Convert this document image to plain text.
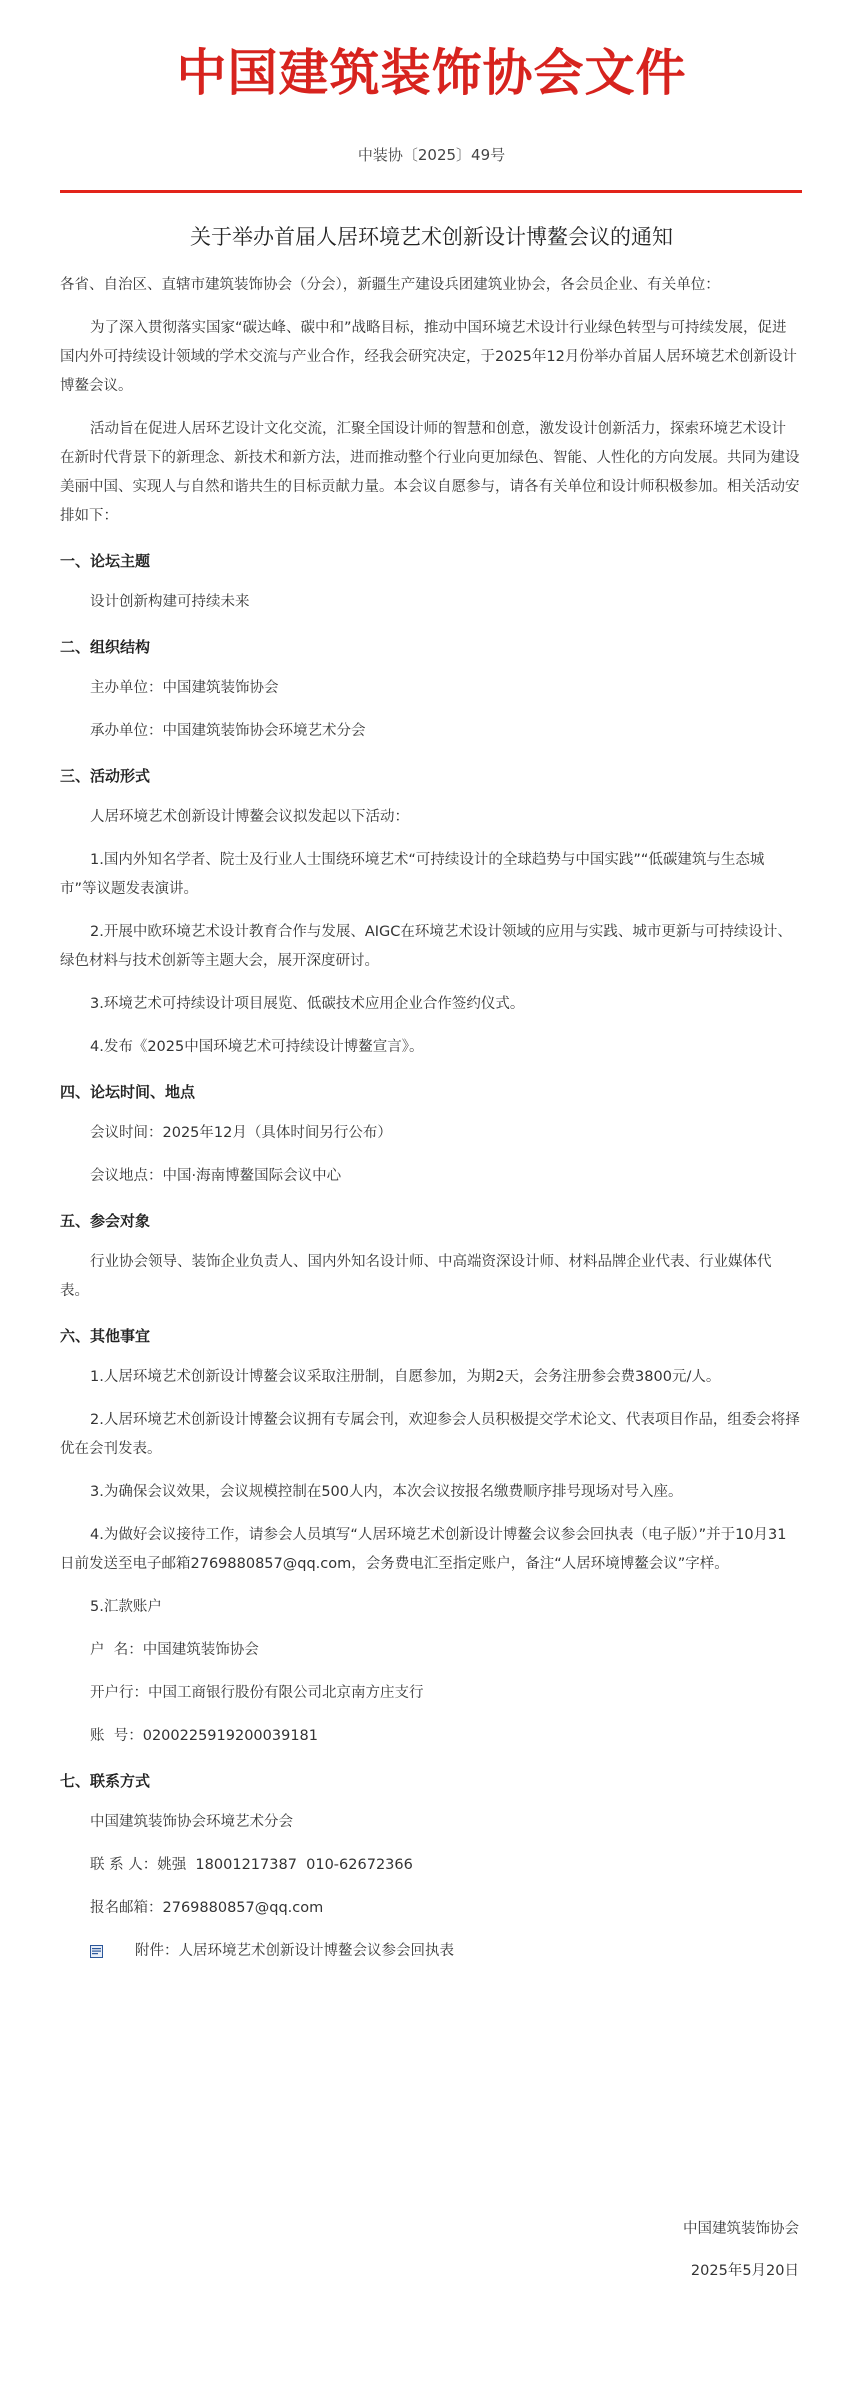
中国建筑装饰协会文件
中装协〔2025〕49号
关于举办首届人居环境艺术创新设计博鳌会议的通知

各省、自治区、直辖市建筑装饰协会（分会），新疆生产建设兵团建筑业协会，各会员企业、有关单位：

为了深入贯彻落实国家“碳达峰、碳中和”战略目标，推动中国环境艺术设计行业绿色转型与可持续发展，促进国内外可持续设计领域的学术交流与产业合作，经我会研究决定，于2025年12月份举办首届人居环境艺术创新设计博鳌会议。

活动旨在促进人居环艺设计文化交流，汇聚全国设计师的智慧和创意，激发设计创新活力，探索环境艺术设计在新时代背景下的新理念、新技术和新方法，进而推动整个行业向更加绿色、智能、人性化的方向发展。共同为建设美丽中国、实现人与自然和谐共生的目标贡献力量。本会议自愿参与，请各有关单位和设计师积极参加。相关活动安排如下：

一、论坛主题

设计创新构建可持续未来

二、组织结构

主办单位：中国建筑装饰协会

承办单位：中国建筑装饰协会环境艺术分会

三、活动形式

人居环境艺术创新设计博鳌会议拟发起以下活动：

1.国内外知名学者、院士及行业人士围绕环境艺术“可持续设计的全球趋势与中国实践”“低碳建筑与生态城市”等议题发表演讲。

2.开展中欧环境艺术设计教育合作与发展、AIGC在环境艺术设计领域的应用与实践、城市更新与可持续设计、绿色材料与技术创新等主题大会，展开深度研讨。

3.环境艺术可持续设计项目展览、低碳技术应用企业合作签约仪式。

4.发布《2025中国环境艺术可持续设计博鳌宣言》。

四、论坛时间、地点

会议时间：2025年12月（具体时间另行公布）

会议地点：中国·海南博鳌国际会议中心

五、参会对象

行业协会领导、装饰企业负责人、国内外知名设计师、中高端资深设计师、材料品牌企业代表、行业媒体代表。

六、其他事宜

1.人居环境艺术创新设计博鳌会议采取注册制，自愿参加，为期2天，会务注册参会费3800元/人。

2.人居环境艺术创新设计博鳌会议拥有专属会刊，欢迎参会人员积极提交学术论文、代表项目作品，组委会将择优在会刊发表。

3.为确保会议效果，会议规模控制在500人内，本次会议按报名缴费顺序排号现场对号入座。

4.为做好会议接待工作，请参会人员填写“人居环境艺术创新设计博鳌会议参会回执表（电子版）”并于10月31日前发送至电子邮箱2769880857@qq.com，会务费电汇至指定账户，备注“人居环境博鳌会议”字样。

5.汇款账户

户  名：中国建筑装饰协会

开户行：中国工商银行股份有限公司北京南方庄支行

账  号：0200225919200039181

七、联系方式

中国建筑装饰协会环境艺术分会

联 系 人：姚强  18001217387  010-62672366

报名邮箱：2769880857@qq.com

附件：人居环境艺术创新设计博鳌会议参会回执表

中国建筑装饰协会
2025年5月20日
